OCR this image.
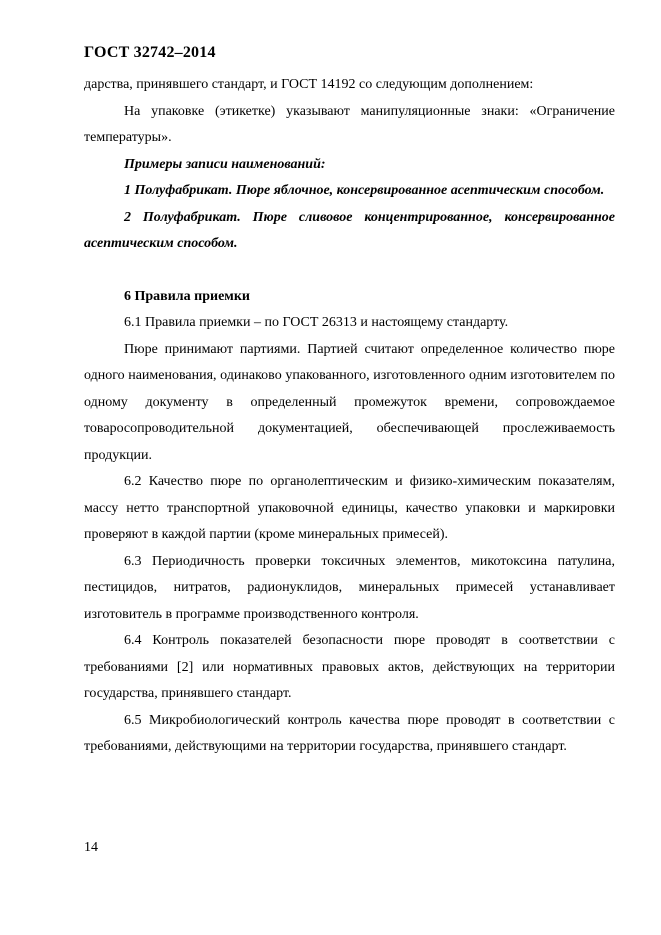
ГОСТ 32742–2014

дарства, принявшего стандарт, и ГОСТ 14192 со следующим дополнением:

На упаковке (этикетке) указывают манипуляционные знаки: «Ограничение температуры».

Примеры записи наименований:

1 Полуфабрикат. Пюре яблочное, консервированное асептическим способом.

2 Полуфабрикат. Пюре сливовое концентрированное, консервированное асептическим способом.

6 Правила приемки

6.1 Правила приемки – по ГОСТ 26313 и настоящему стандарту.

Пюре принимают партиями. Партией считают определенное количество пюре одного наименования, одинаково упакованного, изготовленного одним изготовителем по одному документу в определенный промежуток времени, сопровождаемое товаросопроводительной документацией, обеспечивающей прослеживаемость продукции.

6.2 Качество пюре по органолептическим и физико-химическим показателям, массу нетто транспортной упаковочной единицы, качество упаковки и маркировки проверяют в каждой партии (кроме минеральных примесей).

6.3 Периодичность проверки токсичных элементов, микотоксина патулина, пестицидов, нитратов, радионуклидов, минеральных примесей устанавливает изготовитель в программе производственного контроля.

6.4 Контроль показателей безопасности пюре проводят в соответствии с требованиями [2] или нормативных правовых актов, действующих на территории государства, принявшего стандарт.

6.5 Микробиологический контроль качества пюре проводят в соответствии с требованиями, действующими на территории государства, принявшего стандарт.

14
